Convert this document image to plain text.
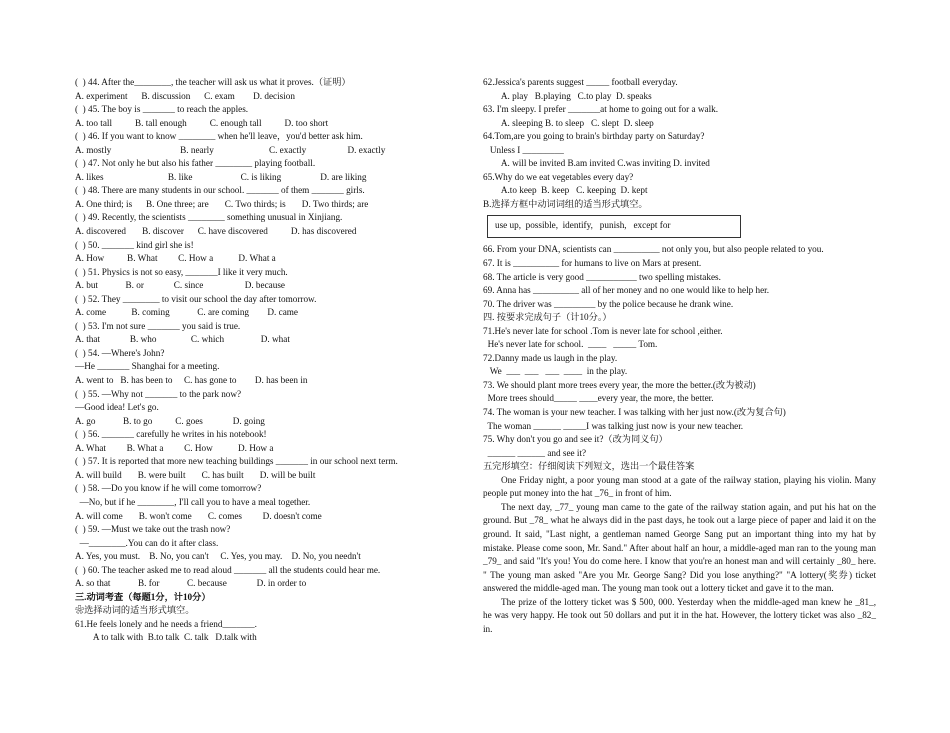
(  ) 44. After the________, the teacher will ask us what it proves.（证明）
A. experiment      B. discussion      C. exam        D. decision
(  ) 45. The boy is _______ to reach the apples.
A. too tall          B. tall enough          C. enough tall          D. too short
(  ) 46. If you want to know ________ when he'll leave，you'd better ask him.
A. mostly                              B. nearly                        C. exactly                  D. exactly
(  ) 47. Not only he but also his father ________ playing football.
A. likes                            B. like                     C. is liking                 D. are liking
(  ) 48. There are many students in our school. _______ of them _______ girls.
A. One third; is      B. One three; are       C. Two thirds; is       D. Two thirds; are
(  ) 49. Recently, the scientists ________ something unusual in Xinjiang.
A. discovered       B. discover      C. have discovered          D. has discovered
(  ) 50. _______ kind girl she is!
A. How          B. What         C. How a           D. What a
(  ) 51. Physics is not so easy, _______I like it very much.
A. but            B. or             C. since                  D. because
(  ) 52. They ________ to visit our school the day after tomorrow.
A. come           B. coming            C. are coming        D. came
(  ) 53. I'm not sure _______ you said is true.
A. that             B. who               C. which                D. what
(  ) 54. —Where's John?
—He _______ Shanghai for a meeting.
A. went to   B. has been to     C. has gone to        D. has been in
(  ) 55. —Why not _______ to the park now?
—Good idea! Let's go.
A. go            B. to go          C. goes             D. going
(  ) 56. _______ carefully he writes in his notebook!
A. What         B. What a         C. How           D. How a
(  ) 57. It is reported that more new teaching buildings _______ in our school next term.
A. will build       B. were built       C. has built       D. will be built
(  ) 58. —Do you know if he will come tomorrow?
—No, but if he ________, I'll call you to have a meal together.
A. will come       B. won't come       C. comes         D. doesn't come
(  ) 59. —Must we take out the trash now?
—________.You can do it after class.
A. Yes, you must.    B. No, you can't     C. Yes, you may.    D. No, you needn't
(  ) 60. The teacher asked me to read aloud _______ all the students could hear me.
A. so that            B. for            C. because             D. in order to
三.动词考查（每题1分，计10分）
❀选择动词的适当形式填空。
61.He feels lonely and he needs a friend_______.
A to talk with  B.to talk  C. talk   D.talk with
62.Jessica's parents suggest _____ football everyday.
A. play   B.playing   C.to play  D. speaks
63. I'm sleepy. I prefer _______at home to going out for a walk.
A. sleeping B. to sleep   C. slept  D. sleep
64.Tom,are you going to brain's birthday party on Saturday?
Unless I _________
A. will be invited B.am invited C.was inviting D. invited
65.Why do we eat vegetables every day?
A.to keep  B. keep   C. keeping  D. kept
B.选择方框中动词词组的适当形式填空。
use up,  possible,  identify,   punish,   except for
66. From your DNA, scientists can __________ not only you, but also people related to you.
67. It is __________ for humans to live on Mars at present.
68. The article is very good ___________ two spelling mistakes.
69. Anna has __________ all of her money and no one would like to help her.
70. The driver was _________ by the police because he drank wine.
四. 按要求完成句子（计10分。）
71.He's never late for school .Tom is never late for school ,either.
He's never late for school.  ____   _____ Tom.
72.Danny made us laugh in the play.
We  ___  ___   ___  ____  in the play.
73. We should plant more trees every year, the more the better.(改为被动)
More trees should_____ ____every year, the more, the better.
74. The woman is your new teacher. I was talking with her just now.(改为复合句)
The woman ______ _____I was talking just now is your new teacher.
75. Why don't you go and see it?（改为同义句）
______ ______ and see it?
五完形填空：仔细阅读下列短文，选出一个最佳答案
One Friday night, a poor young man stood at a gate of the railway station, playing his violin. Many people put money into the hat _76_ in front of him.
The next day, _77_ young man came to the gate of the railway station again, and put his hat on the ground. But _78_ what he always did in the past days, he took out a large piece of paper and laid it on the ground. It said, "Last night, a gentleman named George Sang put an important thing into my hat by mistake. Please come soon, Mr. Sand." After about half an hour, a middle-aged man ran to the young man _79_ and said "It's you! You do come here. I know that you're an honest man and will certainly _80_ here. " The young man asked "Are you Mr. George Sang? Did you lose anything?" "A lottery(奖券) ticket answered the middle-aged man. The young man took out a lottery ticket and gave it to the man.
The prize of the lottery ticket was $ 500, 000. Yesterday when the middle-aged man knew he _81_, he was very happy. He took out 50 dollars and put it in the hat. However, the lottery ticket was also _82_ in.
